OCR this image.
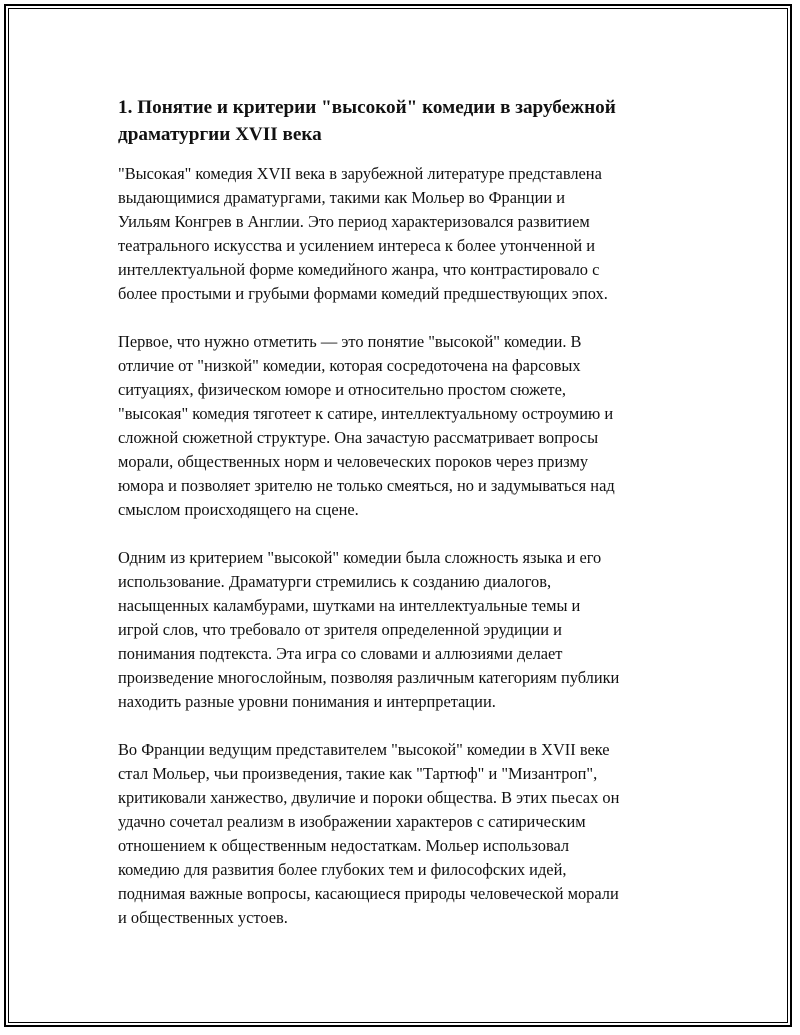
1. Понятие и критерии "высокой" комедии в зарубежной
драматургии XVII века

"Высокая" комедия XVII века в зарубежной литературе представлена
выдающимися драматургами, такими как Мольер во Франции и
Уильям Конгрев в Англии. Это период характеризовался развитием
театрального искусства и усилением интереса к более утонченной и
интеллектуальной форме комедийного жанра, что контрастировало с
более простыми и грубыми формами комедий предшествующих эпох.

Первое, что нужно отметить — это понятие "высокой" комедии. В
отличие от "низкой" комедии, которая сосредоточена на фарсовых
ситуациях, физическом юморе и относительно простом сюжете,
"высокая" комедия тяготеет к сатире, интеллектуальному остроумию и
сложной сюжетной структуре. Она зачастую рассматривает вопросы
морали, общественных норм и человеческих пороков через призму
юмора и позволяет зрителю не только смеяться, но и задумываться над
смыслом происходящего на сцене.

Одним из критерием "высокой" комедии была сложность языка и его
использование. Драматурги стремились к созданию диалогов,
насыщенных каламбурами, шутками на интеллектуальные темы и
игрой слов, что требовало от зрителя определенной эрудиции и
понимания подтекста. Эта игра со словами и аллюзиями делает
произведение многослойным, позволяя различным категориям публики
находить разные уровни понимания и интерпретации.

Во Франции ведущим представителем "высокой" комедии в XVII веке
стал Мольер, чьи произведения, такие как "Тартюф" и "Мизантроп",
критиковали ханжество, двуличие и пороки общества. В этих пьесах он
удачно сочетал реализм в изображении характеров с сатирическим
отношением к общественным недостаткам. Мольер использовал
комедию для развития более глубоких тем и философских идей,
поднимая важные вопросы, касающиеся природы человеческой морали
и общественных устоев.
